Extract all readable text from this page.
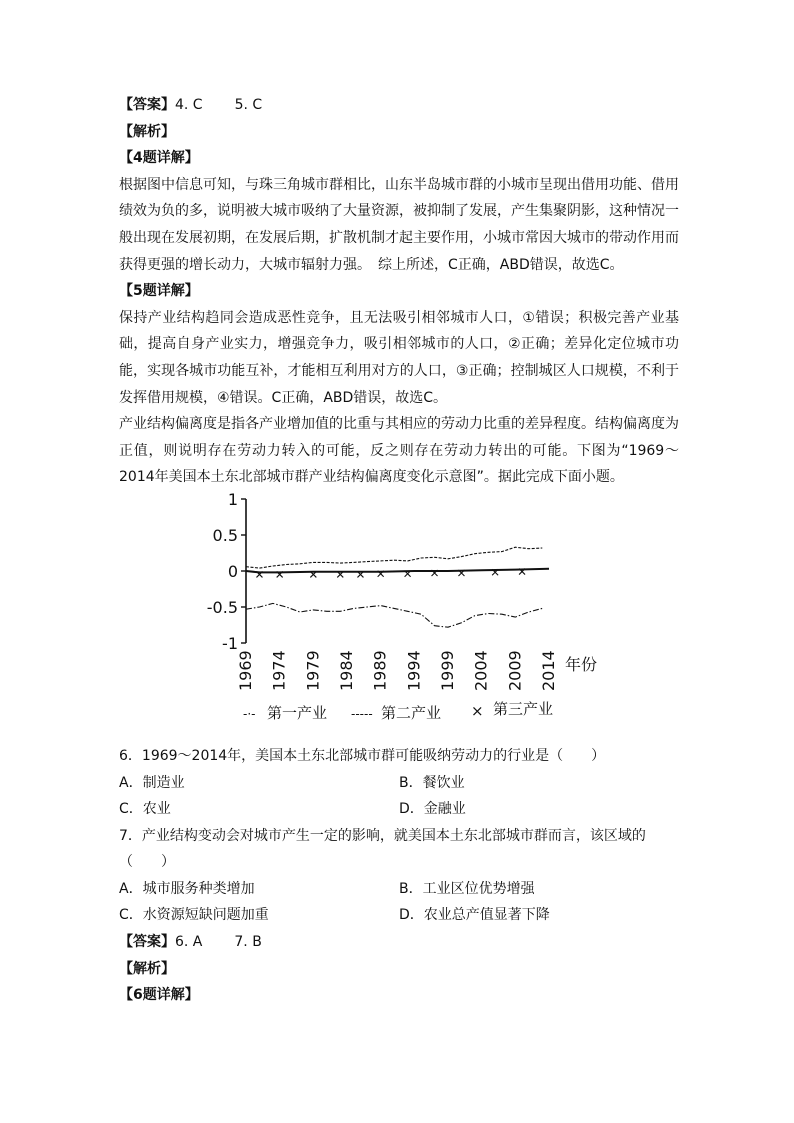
【答案】4. C 5. C
【解析】
【4题详解】
根据图中信息可知，与珠三角城市群相比，山东半岛城市群的小城市呈现出借用功能、借用绩效为负的多，说明被大城市吸纳了大量资源，被抑制了发展，产生集聚阴影，这种情况一般出现在发展初期，在发展后期，扩散机制才起主要作用，小城市常因大城市的带动作用而获得更强的增长动力，大城市辐射力强。　综上所述，C正确，ABD错误，故选C。
【5题详解】
保持产业结构趋同会造成恶性竞争，且无法吸引相邻城市人口，①错误；积极完善产业基础，提高自身产业实力，增强竞争力，吸引相邻城市的人口，②正确；差异化定位城市功能，实现各城市功能互补，才能相互利用对方的人口，③正确；控制城区人口规模，不利于发挥借用规模，④错误。C正确，ABD错误，故选C。
产业结构偏离度是指各产业增加值的比重与其相应的劳动力比重的差异程度。结构偏离度为正值，则说明存在劳动力转入的可能，反之则存在劳动力转出的可能。下图为“1969～2014年美国本土东北部城市群产业结构偏离度变化示意图”。据此完成下面小题。
1
0.5
0
-0.5
-1
1969 1974 1979 1984 1989 1994 1999 2004 2009 2014 年份
-·- 第一产业 ----- 第二产业 × 第三产业
6．1969～2014年，美国本土东北部城市群可能吸纳劳动力的行业是（　　）
A．制造业	B．餐饮业
C．农业	D．金融业
7．产业结构变动会对城市产生一定的影响，就美国本土东北部城市群而言，该区域的
（　　）
A．城市服务种类增加	B．工业区位优势增强
C．水资源短缺问题加重	D．农业总产值显著下降
【答案】6. A 7. B
【解析】
【6题详解】
